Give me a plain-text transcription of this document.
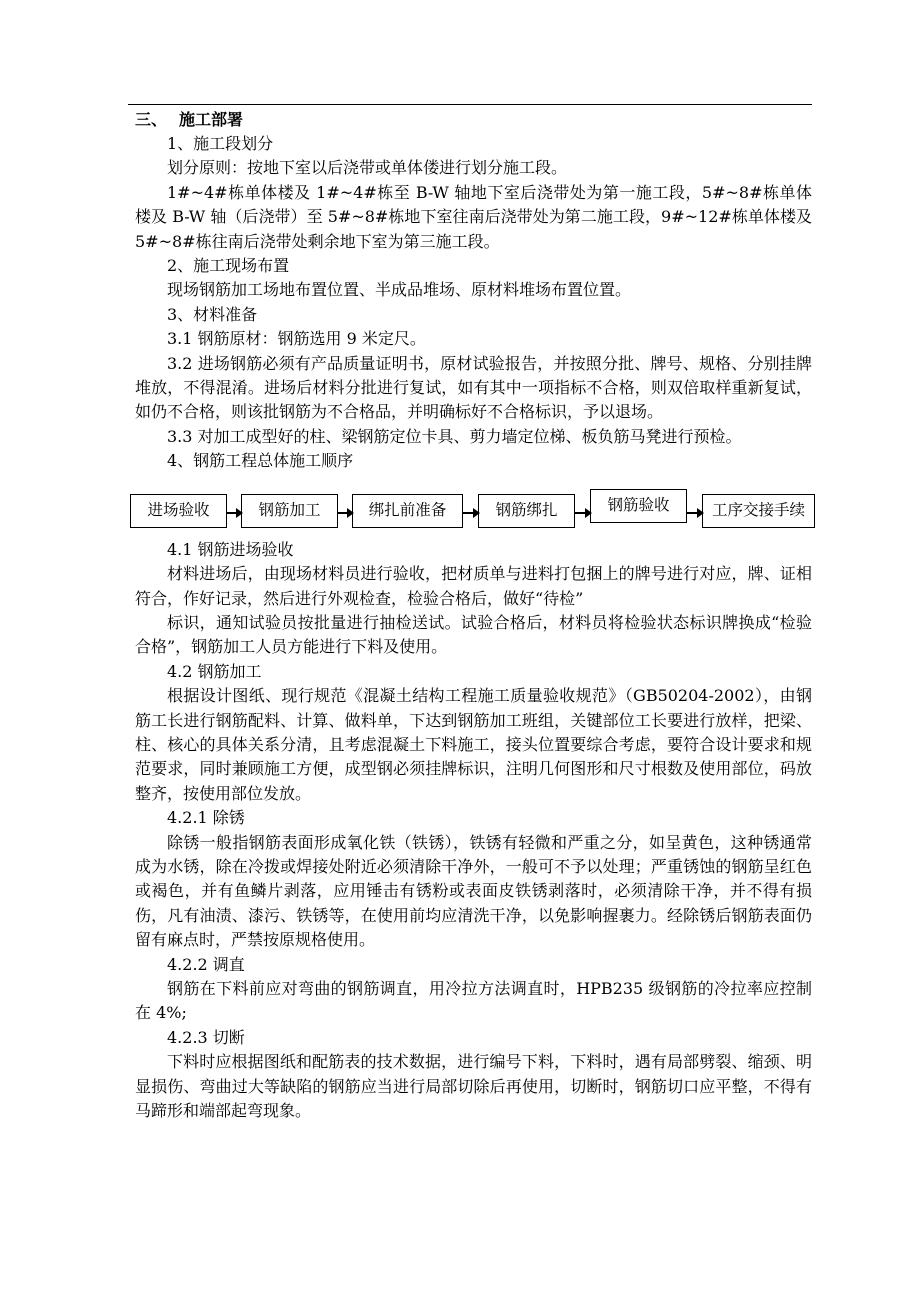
三、 施工部署

1、施工段划分

划分原则：按地下室以后浇带或单体偻进行划分施工段。

1#~4#栋单体楼及 1#~4#栋至 B-W 轴地下室后浇带处为第一施工段，5#~8#栋单体楼及 B-W 轴（后浇带）至 5#~8#栋地下室往南后浇带处为第二施工段，9#~12#栋单体楼及 5#~8#栋往南后浇带处剩余地下室为第三施工段。

2、施工现场布置

现场钢筋加工场地布置位置、半成品堆场、原材料堆场布置位置。

3、材料准备

3.1 钢筋原材：钢筋选用 9 米定尺。

3.2 进场钢筋必须有产品质量证明书，原材试验报告，并按照分批、牌号、规格、分别挂牌堆放，不得混淆。进场后材料分批进行复试，如有其中一项指标不合格，则双倍取样重新复试，如仍不合格，则该批钢筋为不合格品，并明确标好不合格标识，予以退场。

3.3 对加工成型好的柱、梁钢筋定位卡具、剪力墙定位梯、板负筋马凳进行预检。

4、钢筋工程总体施工顺序

进场验收	钢筋加工	绑扎前准备	钢筋绑扎	钢筋验收	工序交接手续

4.1 钢筋进场验收

材料进场后，由现场材料员进行验收，把材质单与进料打包捆上的牌号进行对应，牌、证相符合，作好记录，然后进行外观检查，检验合格后，做好“待检”

标识，通知试验员按批量进行抽检送试。试验合格后，材料员将检验状态标识牌换成“检验合格”，钢筋加工人员方能进行下料及使用。

4.2 钢筋加工

根据设计图纸、现行规范《混凝土结构工程施工质量验收规范》（GB50204-2002），由钢筋工长进行钢筋配料、计算、做料单，下达到钢筋加工班组，关键部位工长要进行放样，把梁、柱、核心的具体关系分清，且考虑混凝土下料施工，接头位置要综合考虑，要符合设计要求和规范要求，同时兼顾施工方便，成型钢必须挂牌标识，注明几何图形和尺寸根数及使用部位，码放整齐，按使用部位发放。

4.2.1 除锈

除锈一般指钢筋表面形成氧化铁（铁锈），铁锈有轻微和严重之分，如呈黄色，这种锈通常成为水锈，除在冷拨或焊接处附近必须清除干净外，一般可不予以处理；严重锈蚀的钢筋呈红色或褐色，并有鱼鳞片剥落，应用锤击有锈粉或表面皮铁锈剥落时，必须清除干净，并不得有损伤，凡有油渍、漆污、铁锈等，在使用前均应清洗干净，以免影响握裹力。经除锈后钢筋表面仍留有麻点时，严禁按原规格使用。

4.2.2 调直

钢筋在下料前应对弯曲的钢筋调直，用冷拉方法调直时，HPB235 级钢筋的冷拉率应控制在 4%;

4.2.3 切断

下料时应根据图纸和配筋表的技术数据，进行编号下料，下料时，遇有局部劈裂、缩颈、明显损伤、弯曲过大等缺陷的钢筋应当进行局部切除后再使用，切断时，钢筋切口应平整，不得有马蹄形和端部起弯现象。
